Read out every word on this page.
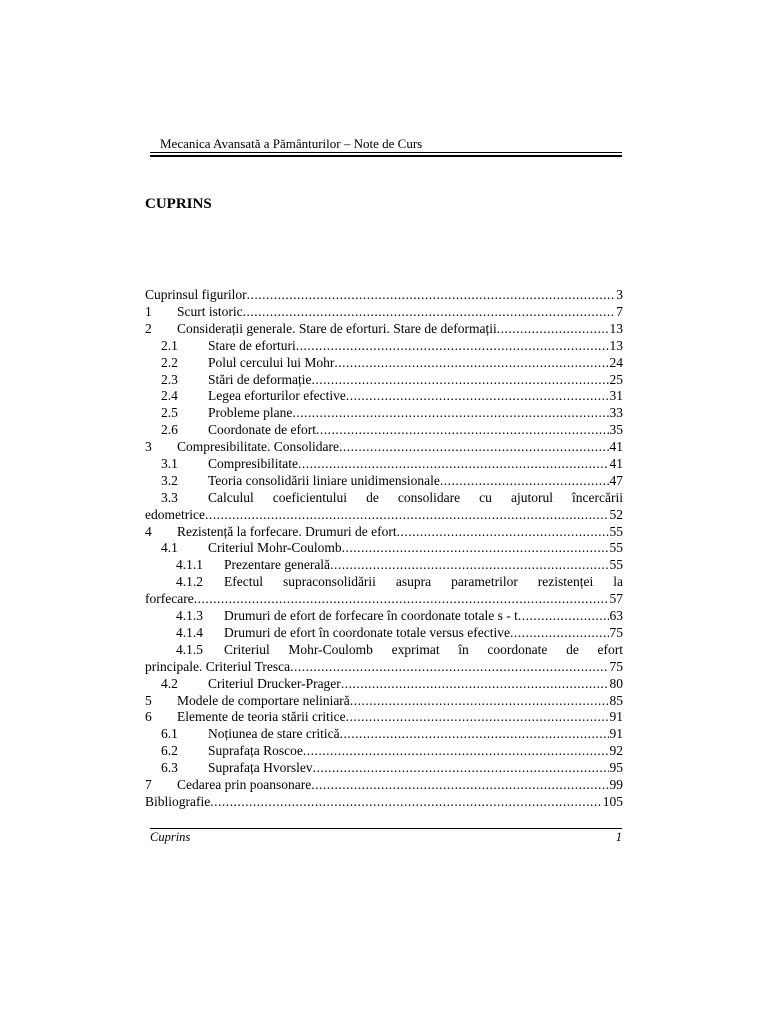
Mecanica Avansată a Pământurilor – Note de Curs
CUPRINS
Cuprinsul figurilor .....	3
1	Scurt istoric .....	7
2	Considerații generale. Stare de eforturi. Stare de deformații .....	13
2.1	Stare de eforturi .....	13
2.2	Polul cercului lui Mohr .....	24
2.3	Stări de deformație .....	25
2.4	Legea eforturilor efective .....	31
2.5	Probleme plane .....	33
2.6	Coordonate de efort .....	35
3	Compresibilitate. Consolidare .....	41
3.1	Compresibilitate .....	41
3.2	Teoria consolidării liniare unidimensionale .....	47
3.3	Calculul coeficientului de consolidare cu ajutorul încercării
edometrice .....	52
4	Rezistență la forfecare. Drumuri de efort .....	55
4.1	Criteriul Mohr-Coulomb .....	55
4.1.1	Prezentare generală .....	55
4.1.2	Efectul supraconsolidării asupra parametrilor rezistenței la
forfecare .....	57
4.1.3	Drumuri de efort de forfecare în coordonate totale s - t .....	63
4.1.4	Drumuri de efort în coordonate totale versus efective .....	75
4.1.5	Criteriul Mohr-Coulomb exprimat în coordonate de efort
principale. Criteriul Tresca .....	75
4.2	Criteriul Drucker-Prager .....	80
5	Modele de comportare neliniară .....	85
6	Elemente de teoria stării critice .....	91
6.1	Noțiunea de stare critică .....	91
6.2	Suprafața Roscoe .....	92
6.3	Suprafața Hvorslev .....	95
7	Cedarea prin poansonare .....	99
Bibliografie .....	105
Cuprins	1
